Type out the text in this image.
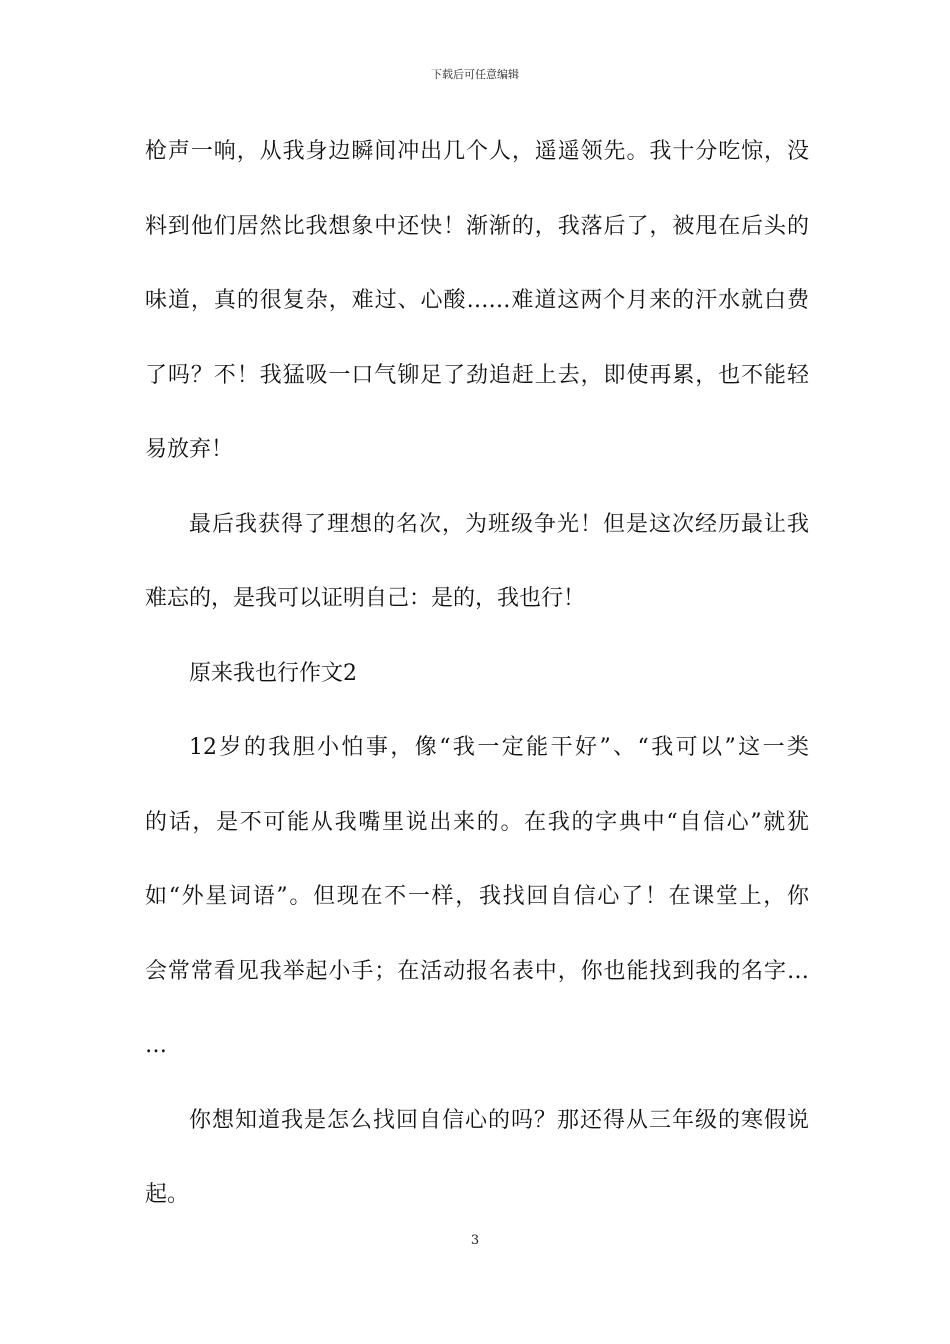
下载后可任意编辑
枪声一响，从我身边瞬间冲出几个人，遥遥领先。我十分吃惊，没
料到他们居然比我想象中还快！渐渐的，我落后了，被甩在后头的
味道，真的很复杂，难过、心酸……难道这两个月来的汗水就白费
了吗？不！我猛吸一口气铆足了劲追赶上去，即使再累，也不能轻
易放弃！
最后我获得了理想的名次，为班级争光！但是这次经历最让我
难忘的，是我可以证明自己：是的，我也行！
原来我也行作文2
12岁的我胆小怕事，像“我一定能干好”、“我可以”这一类
的话，是不可能从我嘴里说出来的。在我的字典中“自信心”就犹
如“外星词语”。但现在不一样，我找回自信心了！在课堂上，你
会常常看见我举起小手；在活动报名表中，你也能找到我的名字…
…
你想知道我是怎么找回自信心的吗？那还得从三年级的寒假说
起。
3
